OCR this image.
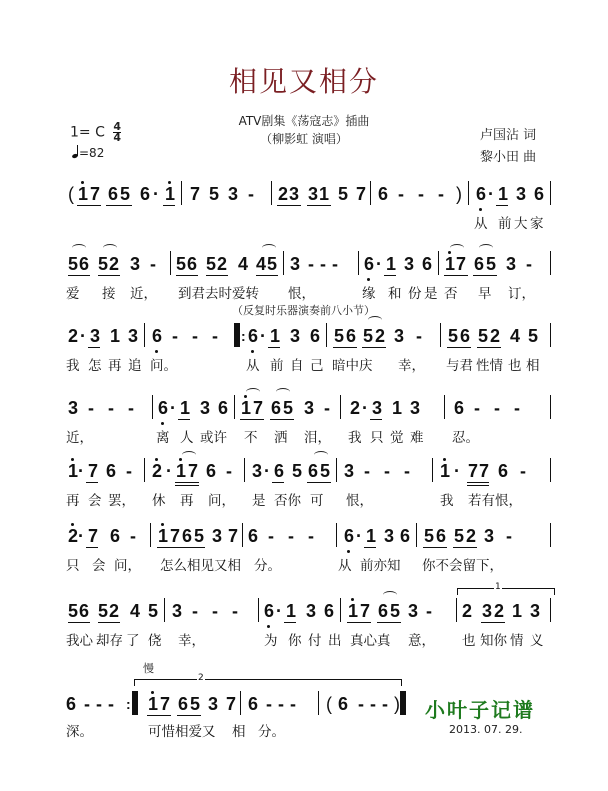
相见又相分
ATV剧集《荡寇志》插曲
（柳影虹 演唱）
1= C $\frac{4}{4}$
=82
卢国沾 词
黎小田 曲
( 1 7 6 5 6 · 1 7 5 3 - 2 3 3 1 5 7 6 - - - ) 6 · 1 3 6
从 前 大 家
5 6 5 2 3 - 5 6 5 2 4 4 5 3 - - - 6 · 1 3 6 1 7 6 5 3 -
爱 接 近， 到君去时爱转 恨，	缘 和 份 是 否 早 订，
（反复时乐器演奏前八小节）
2 · 3 1 3 6 - - - : 6 · 1 3 6 5 6 5 2 3 - 5 6 5 2 4 5
我 怎 再 追 问。	从 前 自 己 暗中庆 幸， 与君 性情 也 相
3 - - - 6 · 1 3 6 1 7 6 5 3 - 2 · 3 1 3 6 - - -
近，	离 人 或许 不 洒 泪， 我 只 觉 难 忍。
1 · 7 6 - 2 · 1 7 6 - 3 · 6 5 6 5 3 - - - 1 · 7 7 6 -
再 会 罢， 休 再 问， 是 否你 可 恨，	我 若有恨，
2 · 7 6 - 1 7 6 5 3 7 6 - - - 6 · 1 3 6 5 6 5 2 3 -
只 会 问， 怎么相见又相 分。	从 前亦知 你不会留下，
1
5 6 5 2 4 5 3 - - - 6 · 1 3 6 1 7 6 5 3 - 2 3 2 1 3
我心 却存 了 侥 幸，	为 你 付 出 真心真 意， 也 知你 情 义
慢
2
6 - - - : 1 7 6 5 3 7 6 - - - ( 6 - - - )
深。	可惜相爱又 相 分。
小叶子记谱
2013. 07. 29.
